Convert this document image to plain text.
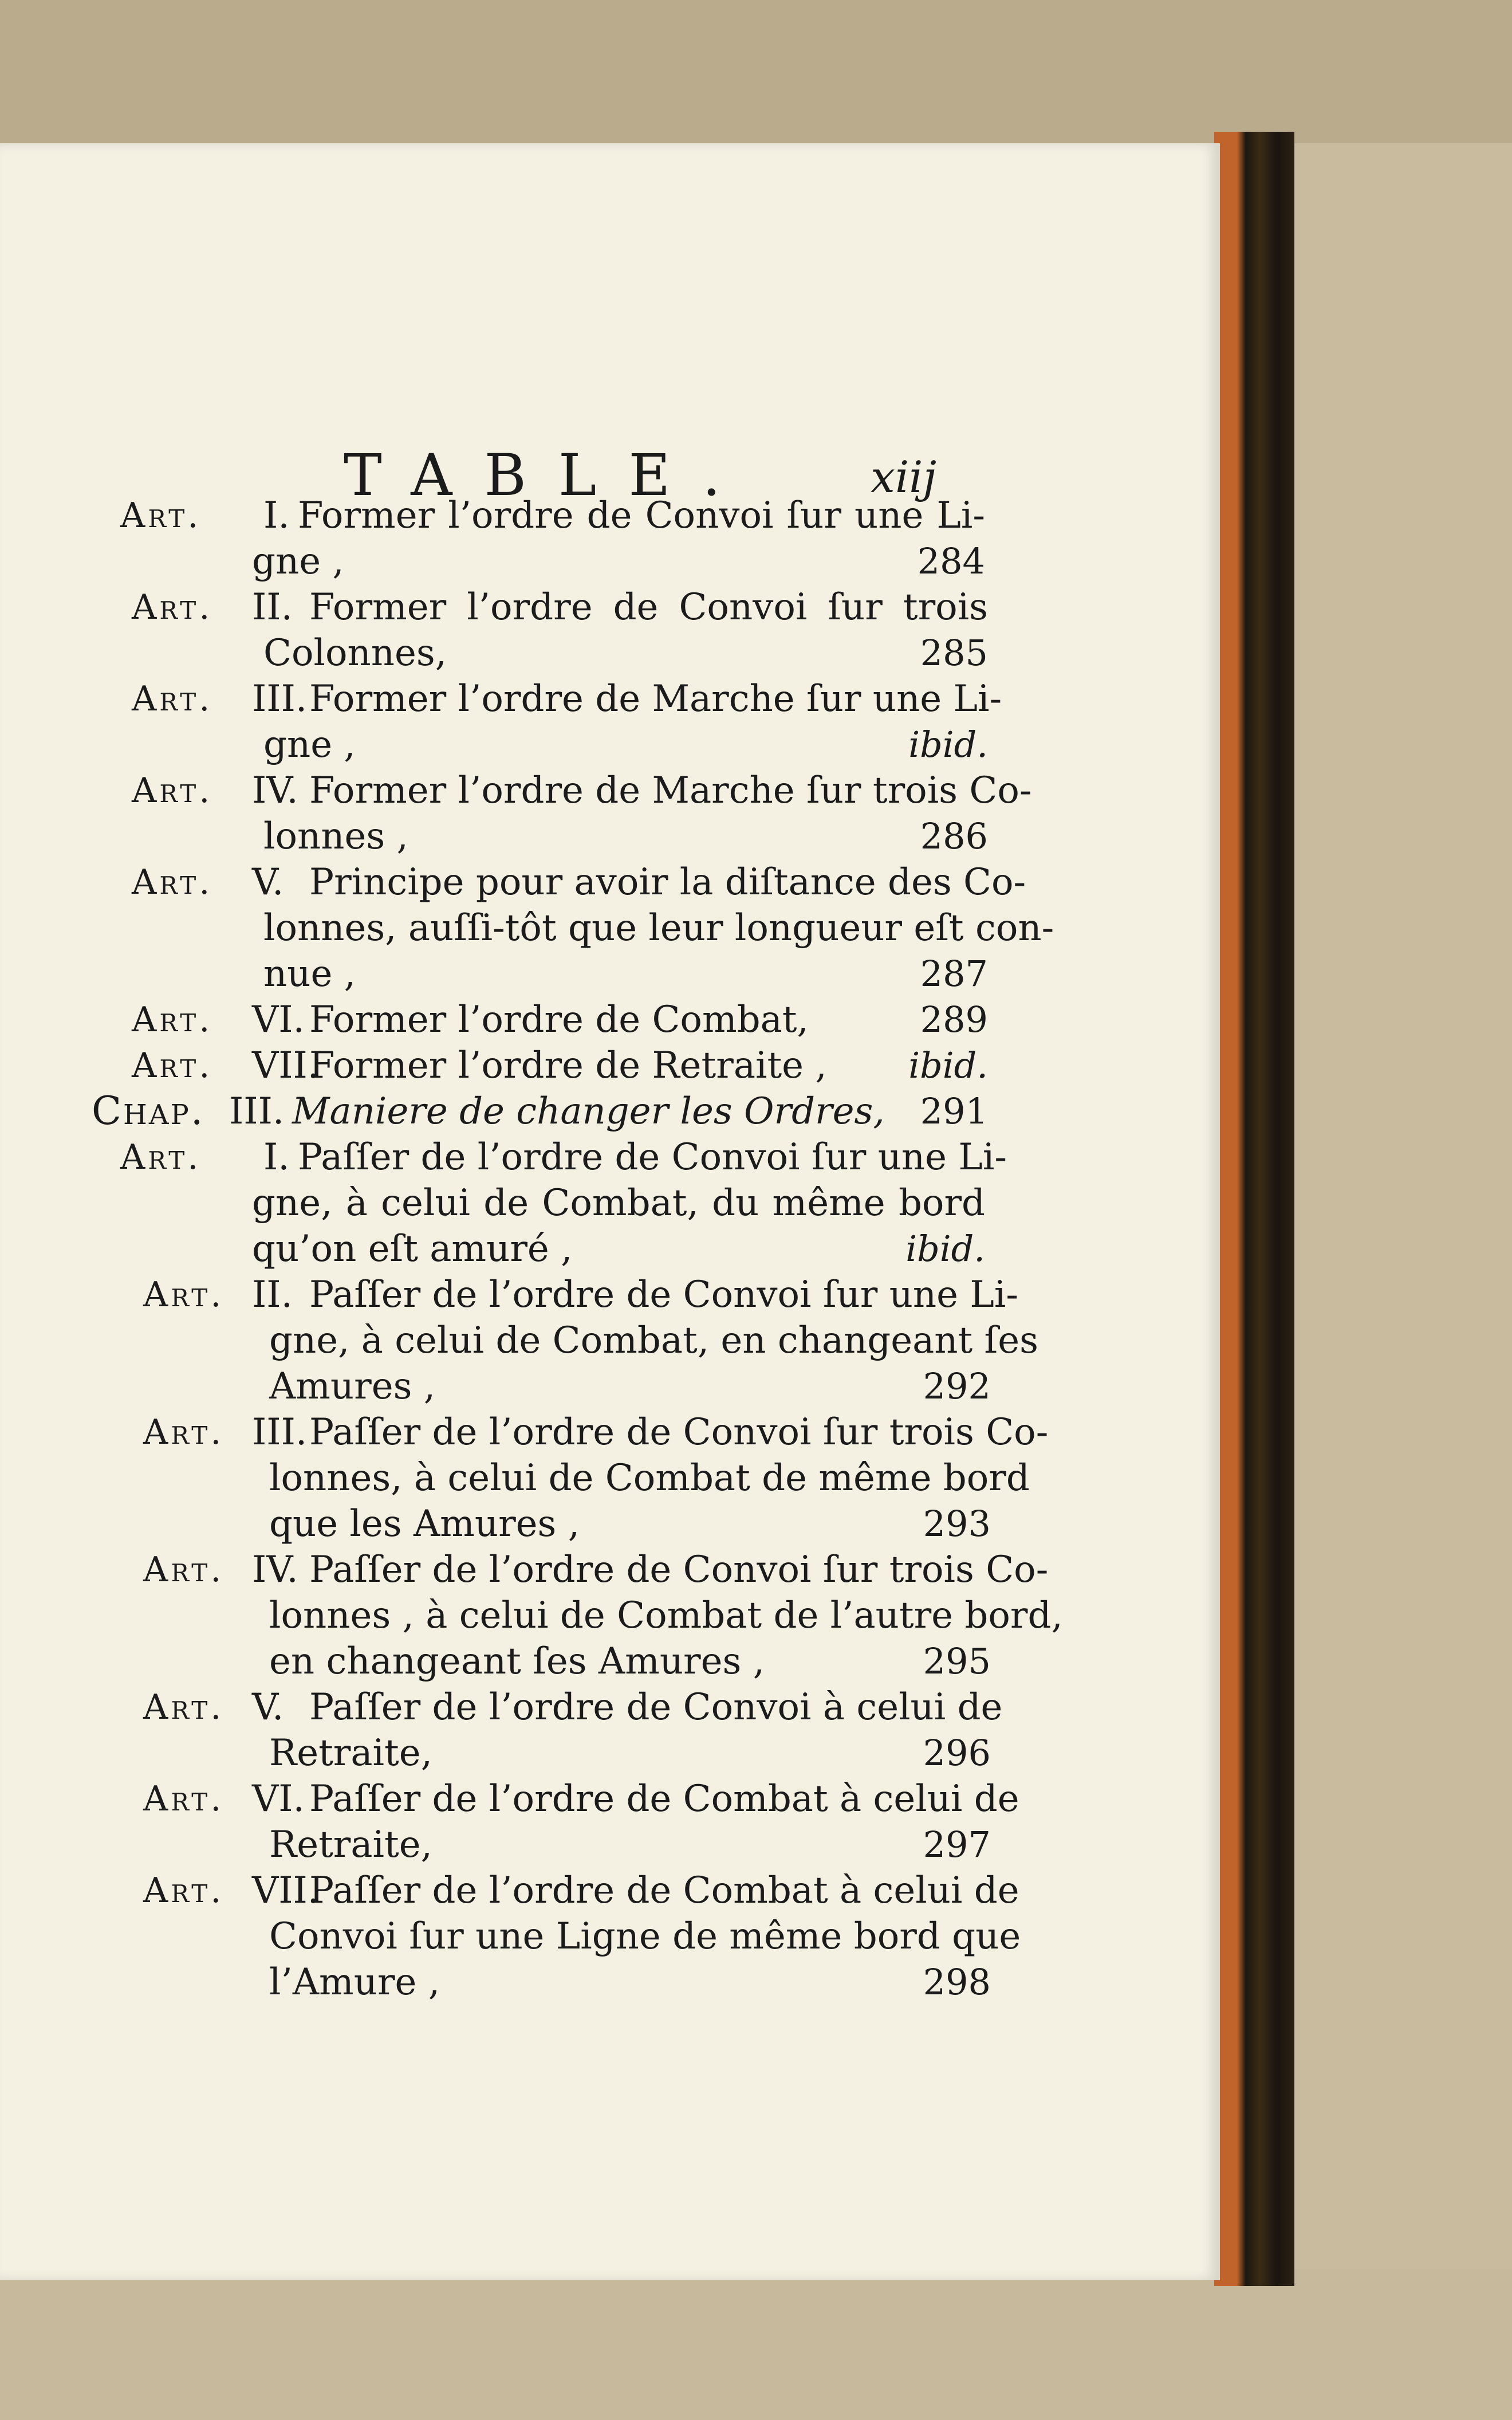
TABLE.	xiij
Art. I. Former l’ordre de Convoi ſur une Li-
gne ,	284
Art. II. Former l’ordre de Convoi ſur trois
Colonnes,	285
Art. III. Former l’ordre de Marche ſur une Li-
gne ,	ibid.
Art. IV. Former l’ordre de Marche ſur trois Co-
lonnes ,	286
Art. V. Principe pour avoir la diſtance des Co-
lonnes, auſſi-tôt que leur longueur eſt con-
nue ,	287
Art. VI. Former l’ordre de Combat,	289
Art. VII.
Former l’ordre de Retraite ,	ibid.
Chap. III. Maniere de changer les Ordres, 291
Art. I. Paſſer de l’ordre de Convoi ſur une Li-
gne, à celui de Combat, du même bord
qu’on eſt amuré ,	ibid.
Art. II. Paſſer de l’ordre de Convoi ſur une Li-
gne, à celui de Combat, en changeant ſes
Amures ,	292
Art. III. Paſſer de l’ordre de Convoi ſur trois Co-
lonnes, à celui de Combat de même bord
que les Amures ,	293
Art. IV. Paſſer de l’ordre de Convoi ſur trois Co-
lonnes , à celui de Combat de l’autre bord,
en changeant ſes Amures ,	295
Art. V. Paſſer de l’ordre de Convoi à celui de
Retraite,	296
Art. VI. Paſſer de l’ordre de Combat à celui de
Retraite,	297
Art. VII.
Paſſer de l’ordre de Combat à celui de
Convoi ſur une Ligne de même bord que
l’Amure ,	298
